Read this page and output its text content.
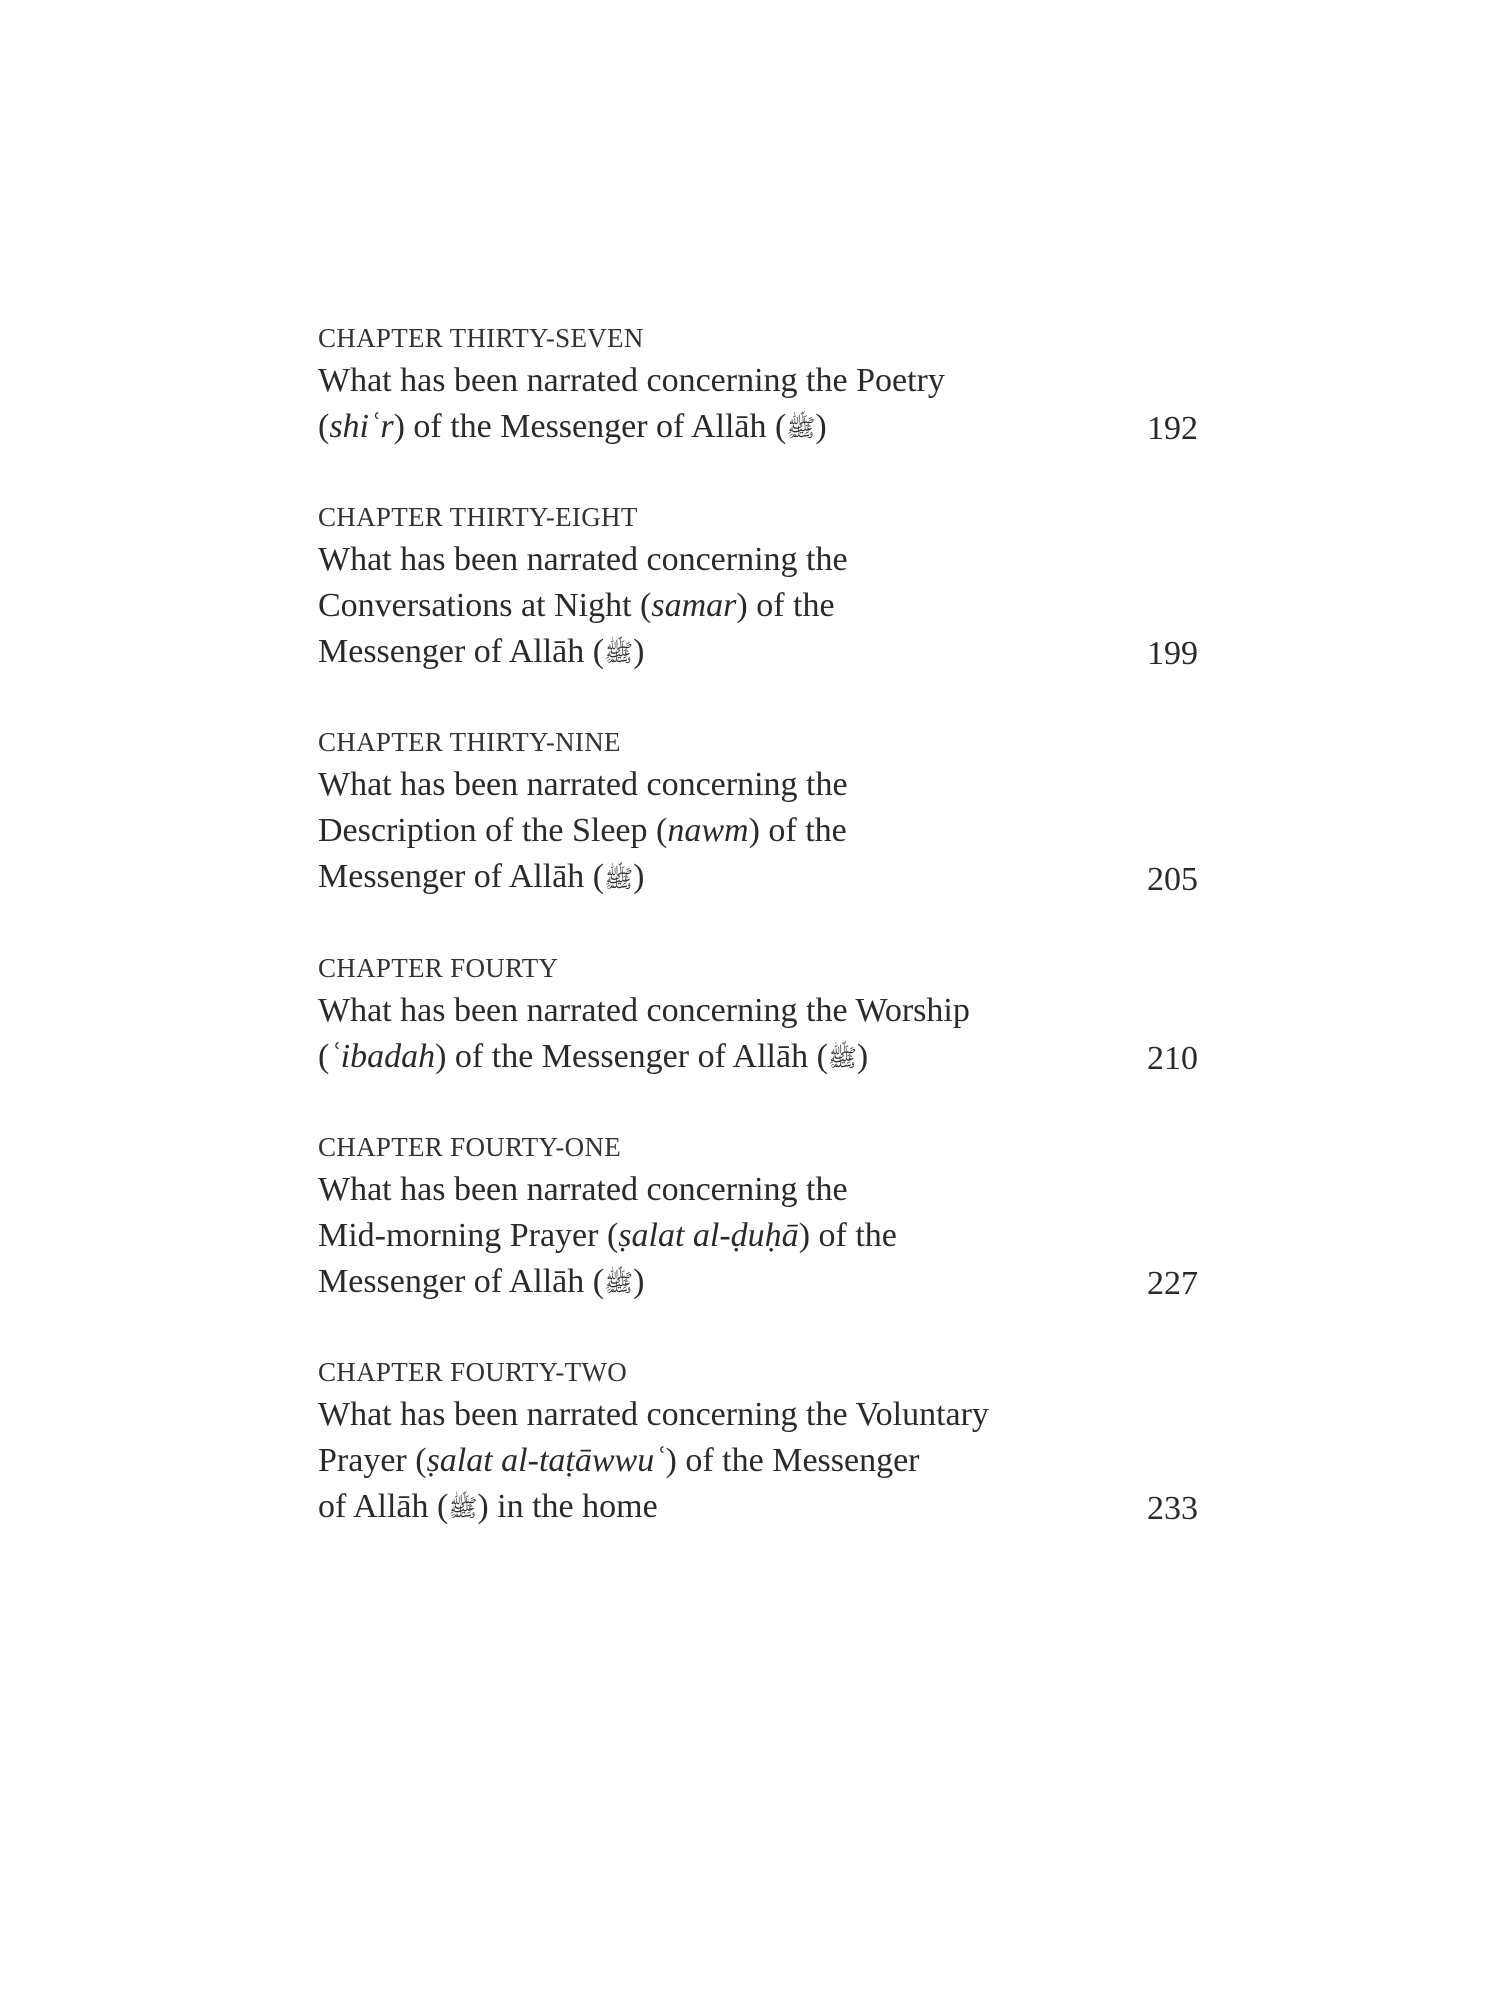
CHAPTER THIRTY-SEVEN
What has been narrated concerning the Poetry
(shiʿr) of the Messenger of Allāh (ﷺ)	192
CHAPTER THIRTY-EIGHT
What has been narrated concerning the
Conversations at Night (samar) of the
Messenger of Allāh (ﷺ)	199
CHAPTER THIRTY-NINE
What has been narrated concerning the
Description of the Sleep (nawm) of the
Messenger of Allāh (ﷺ)	205
CHAPTER FOURTY
What has been narrated concerning the Worship
(ʿibadah) of the Messenger of Allāh (ﷺ)	210
CHAPTER FOURTY-ONE
What has been narrated concerning the
Mid-morning Prayer (ṣalat al-ḍuḥā) of the
Messenger of Allāh (ﷺ)	227
CHAPTER FOURTY-TWO
What has been narrated concerning the Voluntary
Prayer (ṣalat al-taṭāwwuʿ) of the Messenger
of Allāh (ﷺ) in the home	233
